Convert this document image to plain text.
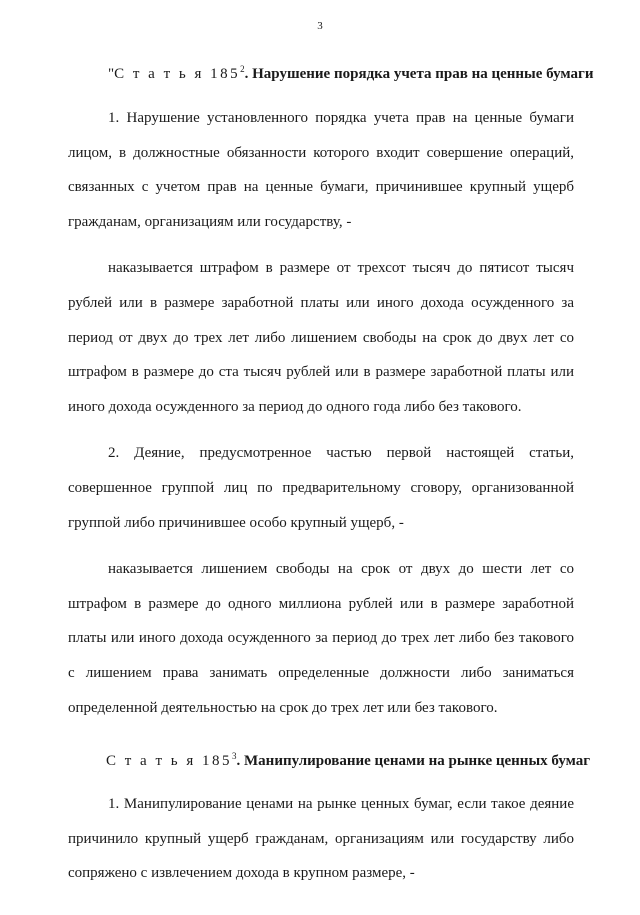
3
"С т а т ь я $185^2$. Нарушение порядка учета прав на ценные бумаги

1. Нарушение установленного порядка учета прав на ценные бумаги лицом, в должностные обязанности которого входит совершение операций, связанных с учетом прав на ценные бумаги, причинившее крупный ущерб гражданам, организациям или государству, -

наказывается штрафом в размере от трехсот тысяч до пятисот тысяч рублей или в размере заработной платы или иного дохода осужденного за период от двух до трех лет либо лишением свободы на срок до двух лет со штрафом в размере до ста тысяч рублей или в размере заработной платы или иного дохода осужденного за период до одного года либо без такового.

2. Деяние, предусмотренное частью первой настоящей статьи, совершенное группой лиц по предварительному сговору, организованной группой либо причинившее особо крупный ущерб, -

наказывается лишением свободы на срок от двух до шести лет со штрафом в размере до одного миллиона рублей или в размере заработной платы или иного дохода осужденного за период до трех лет либо без такового с лишением права занимать определенные должности либо заниматься определенной деятельностью на срок до трех лет или без такового.

С т а т ь я $185^3$. Манипулирование ценами на рынке ценных бумаг

1. Манипулирование ценами на рынке ценных бумаг, если такое деяние причинило крупный ущерб гражданам, организациям или государству либо сопряжено с извлечением дохода в крупном размере, -
